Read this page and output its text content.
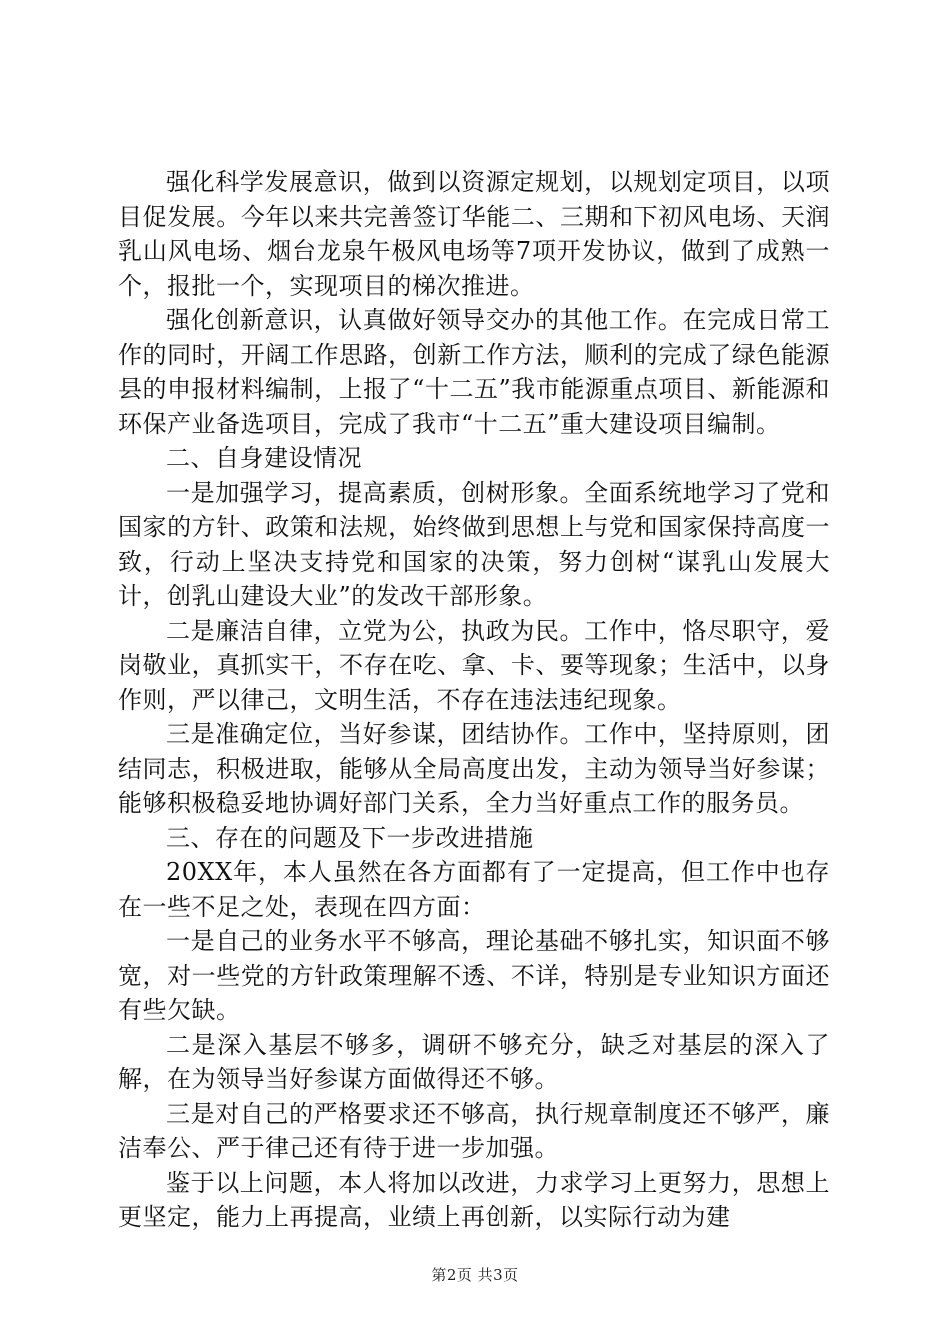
强化科学发展意识，做到以资源定规划，以规划定项目，以项目促发展。今年以来共完善签订华能二、三期和下初风电场、天润乳山风电场、烟台龙泉午极风电场等7项开发协议，做到了成熟一个，报批一个，实现项目的梯次推进。

强化创新意识，认真做好领导交办的其他工作。在完成日常工作的同时，开阔工作思路，创新工作方法，顺利的完成了绿色能源县的申报材料编制，上报了“十二五”我市能源重点项目、新能源和环保产业备选项目，完成了我市“十二五”重大建设项目编制。

二、自身建设情况

一是加强学习，提高素质，创树形象。全面系统地学习了党和国家的方针、政策和法规，始终做到思想上与党和国家保持高度一致，行动上坚决支持党和国家的决策，努力创树“谋乳山发展大计，创乳山建设大业”的发改干部形象。

二是廉洁自律，立党为公，执政为民。工作中，恪尽职守，爱岗敬业，真抓实干，不存在吃、拿、卡、要等现象；生活中，以身作则，严以律己，文明生活，不存在违法违纪现象。

三是准确定位，当好参谋，团结协作。工作中，坚持原则，团结同志，积极进取，能够从全局高度出发，主动为领导当好参谋；能够积极稳妥地协调好部门关系，全力当好重点工作的服务员。

三、存在的问题及下一步改进措施

20XX年，本人虽然在各方面都有了一定提高，但工作中也存在一些不足之处，表现在四方面：

一是自己的业务水平不够高，理论基础不够扎实，知识面不够宽，对一些党的方针政策理解不透、不详，特别是专业知识方面还有些欠缺。

二是深入基层不够多，调研不够充分，缺乏对基层的深入了解，在为领导当好参谋方面做得还不够。

三是对自己的严格要求还不够高，执行规章制度还不够严，廉洁奉公、严于律己还有待于进一步加强。

鉴于以上问题，本人将加以改进，力求学习上更努力，思想上更坚定，能力上再提高，业绩上再创新，以实际行动为建

第2页 共3页
